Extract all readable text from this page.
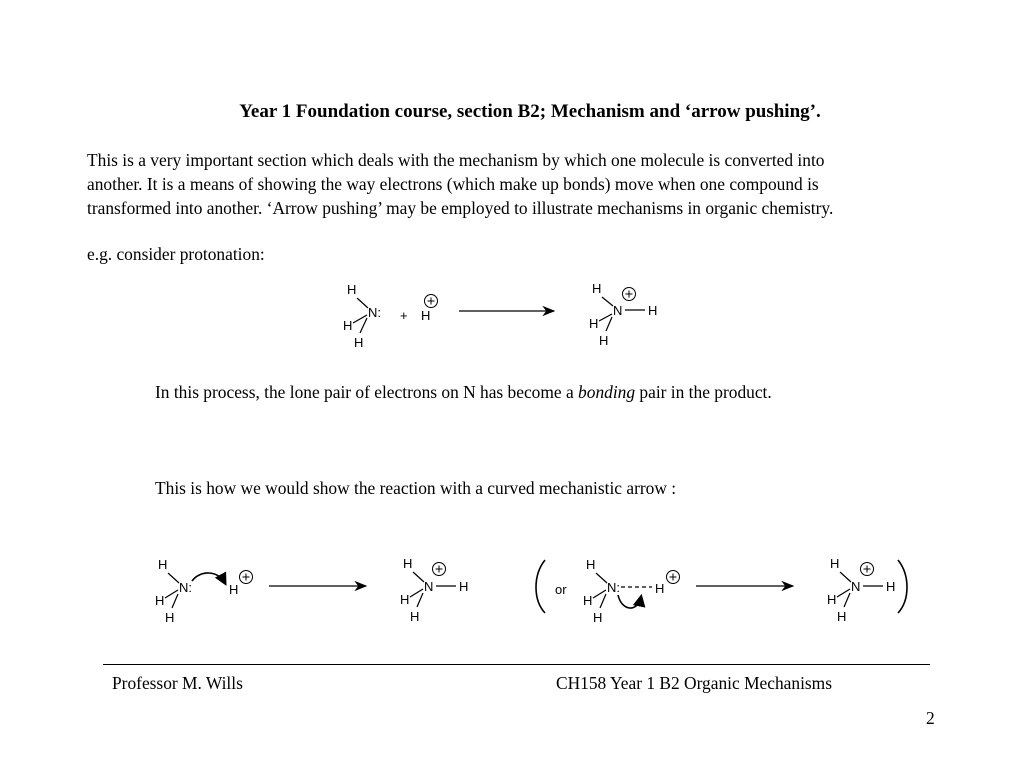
Year 1 Foundation course, section B2; Mechanism and ‘arrow pushing’.
This is a very important section which deals with the mechanism by which one molecule is converted into
another. It is a means of showing the way electrons (which make up bonds) move when one compound is
transformed into another. ‘Arrow pushing’ may be employed to illustrate mechanisms in organic chemistry.
e.g. consider protonation:
H
H
H
N: + H
H
H
H
N H
In this process, the lone pair of electrons on N has become a bonding pair in the product.
This is how we would show the reaction with a curved mechanistic arrow :
H
H
H
N:	H
H
H
H
N H	or
H
H
H
N:	H
H
H
H
N H
Professor M. Wills	CH158 Year 1 B2 Organic Mechanisms
2
